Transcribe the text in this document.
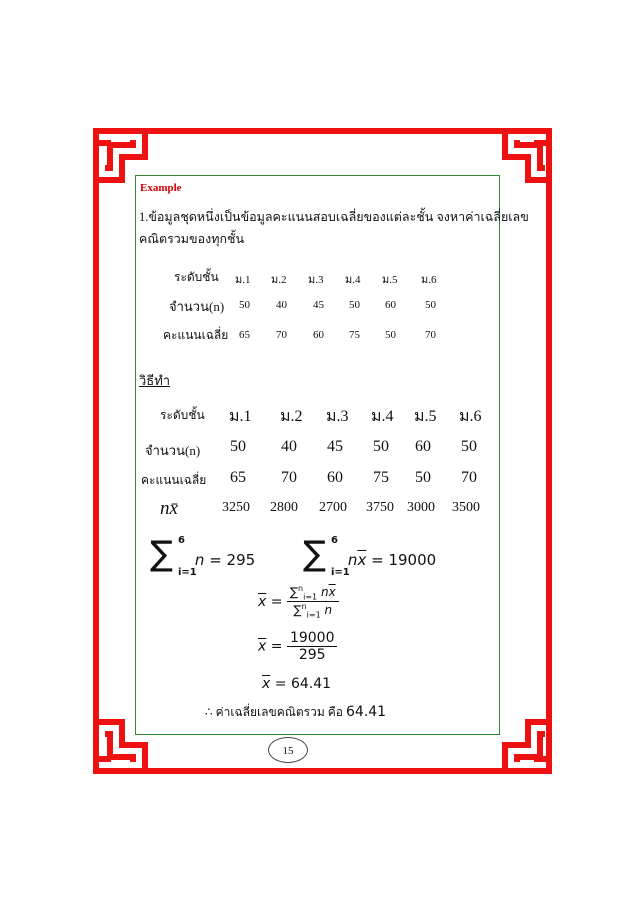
Example
1.ข้อมูลชุดหนึ่งเป็นข้อมูลคะแนนสอบเฉลี่ยของแต่ละชั้น จงหาค่าเฉลี่ยเลข
คณิตรวมของทุกชั้น
ระดับชั้น ม.1 ม.2 ม.3 ม.4 ม.5 ม.6
จำนวน(n) 50 40 45 50 60	50
คะแนนเฉลี่ย 65 70 60 75 50	70
วิธีทำ
ระดับชั้น ม.1 ม.2 ม.3 ม.4 ม.5 ม.6
จำนวน(n) 50 40 45 50 60 50
คะแนนเฉลี่ย 65 70 60 75 50 70
nx̄	3250 2800 2700 3750 3000 3500
∑ 6
i=1
n = 295 ∑ 6
i=1
$n\overline{x} = 19000$
$\overline{x} = \frac{\sum^n_{i=1} n\overline{x}}{\sum^n_{i=1} n}$
$\overline{x} = \frac{19000}{295}$
$\overline{x} = 64.41$
∴ ค่าเฉลี่ยเลขคณิตรวม คือ 64.41
15
